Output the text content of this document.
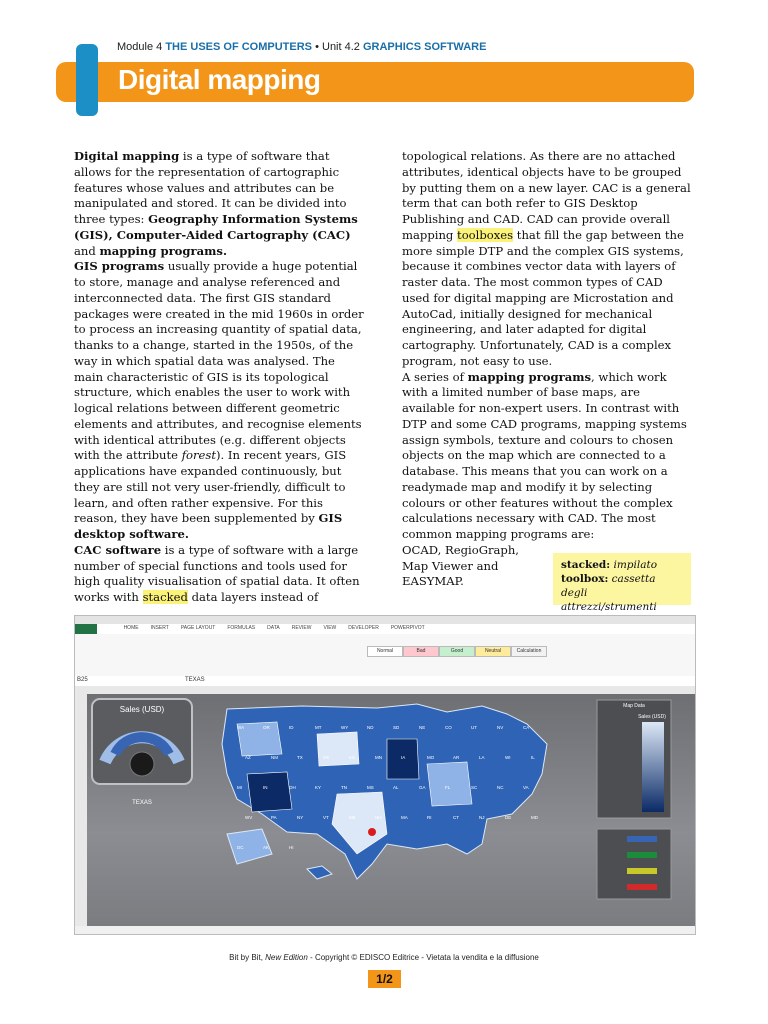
Module 4 THE USES OF COMPUTERS • Unit 4.2 GRAPHICS SOFTWARE
Digital mapping

Digital mapping is a type of software that allows for the representation of cartographic features whose values and attributes can be manipulated and stored. It can be divided into three types: Geography Information Systems (GIS), Computer-Aided Cartography (CAC) and mapping programs.

GIS programs usually provide a huge potential to store, manage and analyse referenced and interconnected data. The first GIS standard packages were created in the mid 1960s in order to process an increasing quantity of spatial data, thanks to a change, started in the 1950s, of the way in which spatial data was analysed. The main characteristic of GIS is its topological structure, which enables the user to work with logical relations between different geometric elements and attributes, and recognise elements with identical attributes (e.g. different objects with the attribute forest). In recent years, GIS applications have expanded continuously, but they are still not very user-friendly, difficult to learn, and often rather expensive. For this reason, they have been supplemented by GIS desktop software.

CAC software is a type of software with a large number of special functions and tools used for high quality visualisation of spatial data. It often works with stacked data layers instead of

topological relations. As there are no attached attributes, identical objects have to be grouped by putting them on a new layer. CAC is a general term that can both refer to GIS Desktop Publishing and CAD. CAD can provide overall mapping toolboxes that fill the gap between the more simple DTP and the complex GIS systems, because it combines vector data with layers of raster data. The most common types of CAD used for digital mapping are Microstation and AutoCad, initially designed for mechanical engineering, and later adapted for digital cartography. Unfortunately, CAD is a complex program, not easy to use.

A series of mapping programs, which work with a limited number of base maps, are available for non-expert users. In contrast with DTP and some CAD programs, mapping systems assign symbols, texture and colours to chosen objects on the map which are connected to a database. This means that you can work on a readymade map and modify it by selecting colours or other features without the complex calculations necessary with CAD. The most common mapping programs are:

OCAD, RegioGraph,

Map Viewer and

EASYMAP.

stacked: impilato
toolbox: cassetta degli attrezzi/strumenti
FILE HOME INSERT PAGE LAYOUT FORMULAS DATA REVIEW VIEW DEVELOPER POWERPIVOT
Normal	Bad	Good	Neutral	Calculation
B25	TEXAS
Sales (USD)
TEXAS
WA	OR	ID	MT	WY	ND	SD	NE	CO	UT	NV	CA
AZ	NM	TX	OK	KS	MN	IA	MO	AR	LA	WI	IL
MI	IN	OH	KY	TN	MS	AL	GA	FL	SC	NC	VA
WV	PA	NY	VT	ME	NH	MA	RI	CT	NJ	DE	MD
DC	AK	HI
Map Data
Sales (USD)
Bit by Bit, New Edition - Copyright © EDISCO Editrice - Vietata la vendita e la diffusione
1/2
